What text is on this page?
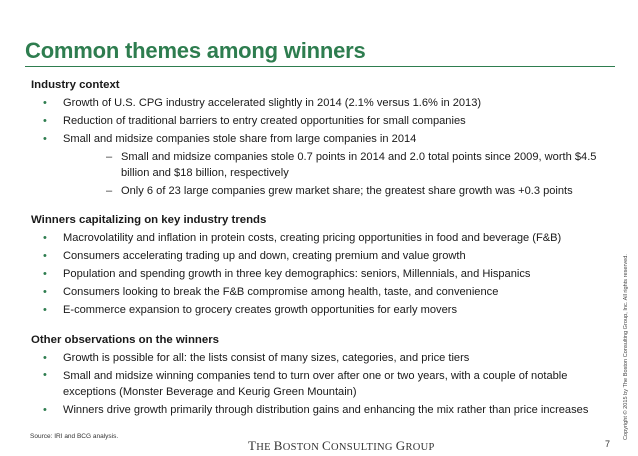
Common themes among winners

Industry context

• Growth of U.S. CPG industry accelerated slightly in 2014 (2.1% versus 1.6% in 2013)
• Reduction of traditional barriers to entry created opportunities for small companies
• Small and midsize companies stole share from large companies in 2014
– Small and midsize companies stole 0.7 points in 2014 and 2.0 total points since 2009, worth $4.5 billion and $18 billion, respectively
– Only 6 of 23 large companies grew market share; the greatest share growth was +0.3 points

Winners capitalizing on key industry trends

• Macrovolatility and inflation in protein costs, creating pricing opportunities in food and beverage (F&B)
• Consumers accelerating trading up and down, creating premium and value growth
• Population and spending growth in three key demographics: seniors, Millennials, and Hispanics
• Consumers looking to break the F&B compromise among health, taste, and convenience
• E-commerce expansion to grocery creates growth opportunities for early movers

Other observations on the winners

• Growth is possible for all: the lists consist of many sizes, categories, and price tiers
• Small and midsize winning companies tend to turn over after one or two years, with a couple of notable exceptions (Monster Beverage and Keurig Green Mountain)
• Winners drive growth primarily through distribution gains and enhancing the mix rather than price increases
Source: IRI and BCG analysis.
THE BOSTON CONSULTING GROUP	7
Copyright © 2015 by The Boston Consulting Group, Inc. All rights reserved.
